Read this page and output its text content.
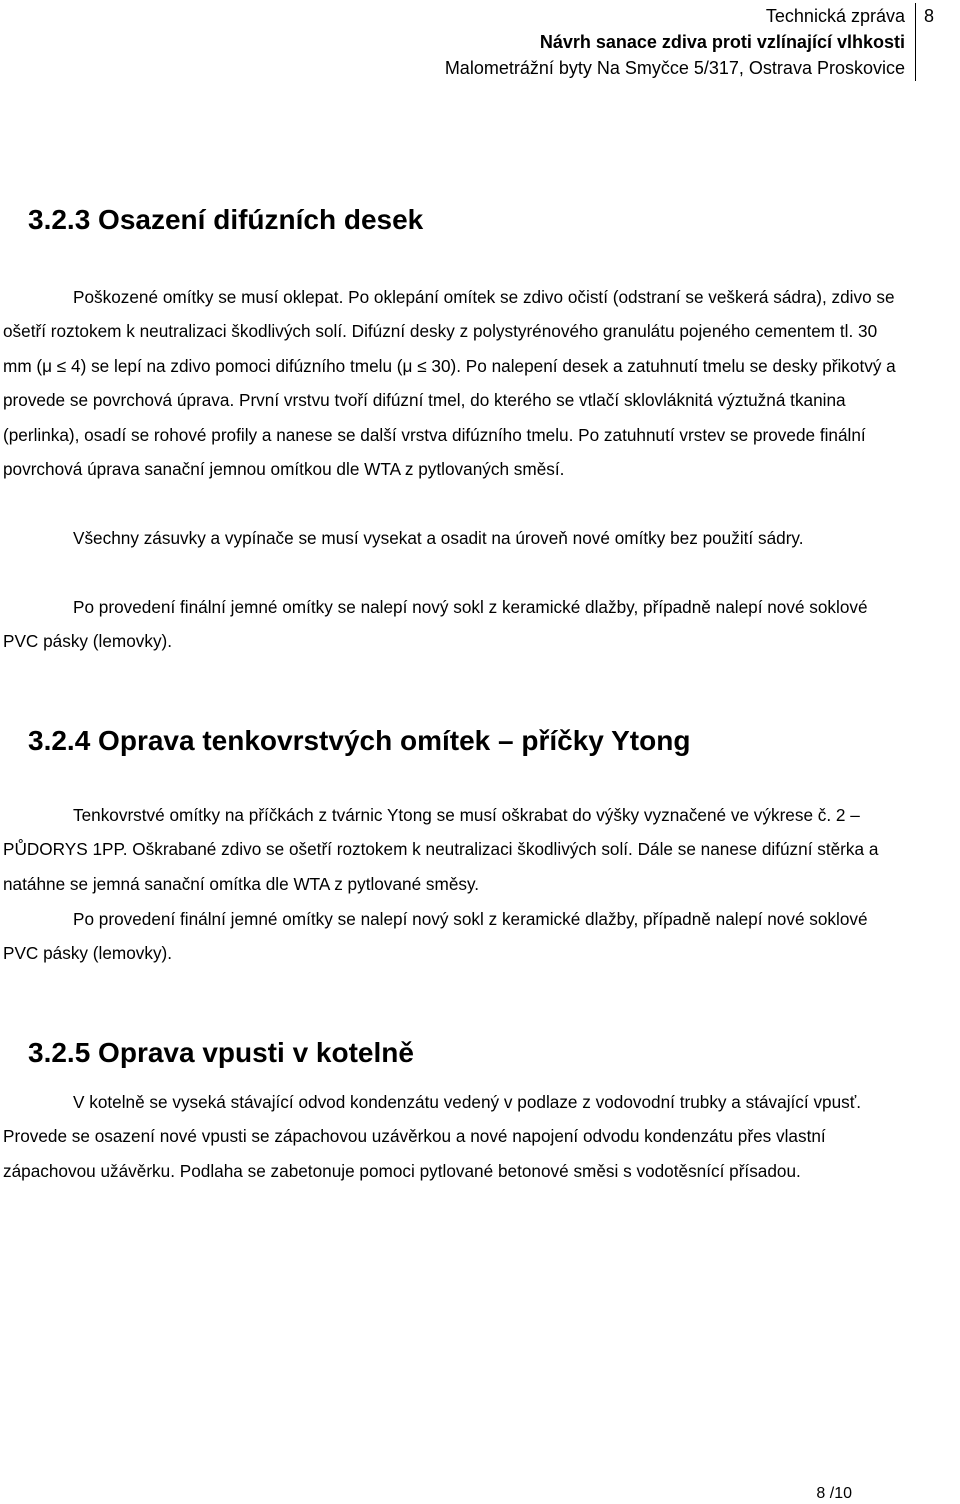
Technická zpráva
Návrh sanace zdiva proti vzlínající vlhkosti
Malometrážní byty Na Smyčce 5/317, Ostrava Proskovice
8
3.2.3 Osazení difúzních desek

Poškozené omítky se musí oklepat. Po oklepání omítek se zdivo očistí (odstraní se veškerá sádra), zdivo se ošetří roztokem k neutralizaci škodlivých solí. Difúzní desky z polystyrénového granulátu pojeného cementem tl. 30 mm (μ ≤ 4) se lepí na zdivo pomoci difúzního tmelu (μ ≤ 30). Po nalepení desek a zatuhnutí tmelu se desky přikotvý a provede se povrchová úprava. První vrstvu tvoří difúzní tmel, do kterého se vtlačí sklovláknitá výztužná tkanina (perlinka), osadí se rohové profily a nanese se další vrstva difúzního tmelu. Po zatuhnutí vrstev se provede finální povrchová úprava sanační jemnou omítkou dle WTA z pytlovaných směsí.

Všechny zásuvky a vypínače se musí vysekat a osadit na úroveň nové omítky bez použití sádry.

Po provedení finální jemné omítky se nalepí nový sokl z keramické dlažby, případně nalepí nové soklové PVC pásky (lemovky).

3.2.4 Oprava tenkovrstvých omítek – příčky Ytong

Tenkovrstvé omítky na příčkách z tvárnic Ytong se musí oškrabat do výšky vyznačené ve výkrese č. 2 – PŮDORYS 1PP. Oškrabané zdivo se ošetří roztokem k neutralizaci škodlivých solí. Dále se nanese difúzní stěrka a natáhne se jemná sanační omítka dle WTA z pytlované směsy.

Po provedení finální jemné omítky se nalepí nový sokl z keramické dlažby, případně nalepí nové soklové PVC pásky (lemovky).

3.2.5 Oprava vpusti v kotelně

V kotelně se vyseká stávající odvod kondenzátu vedený v podlaze z vodovodní trubky a stávající vpusť. Provede se osazení nové vpusti se zápachovou uzávěrkou a nové napojení odvodu kondenzátu přes vlastní zápachovou užávěrku. Podlaha se zabetonuje pomoci pytlované betonové směsi s vodotěsnící přísadou.

8 /10
